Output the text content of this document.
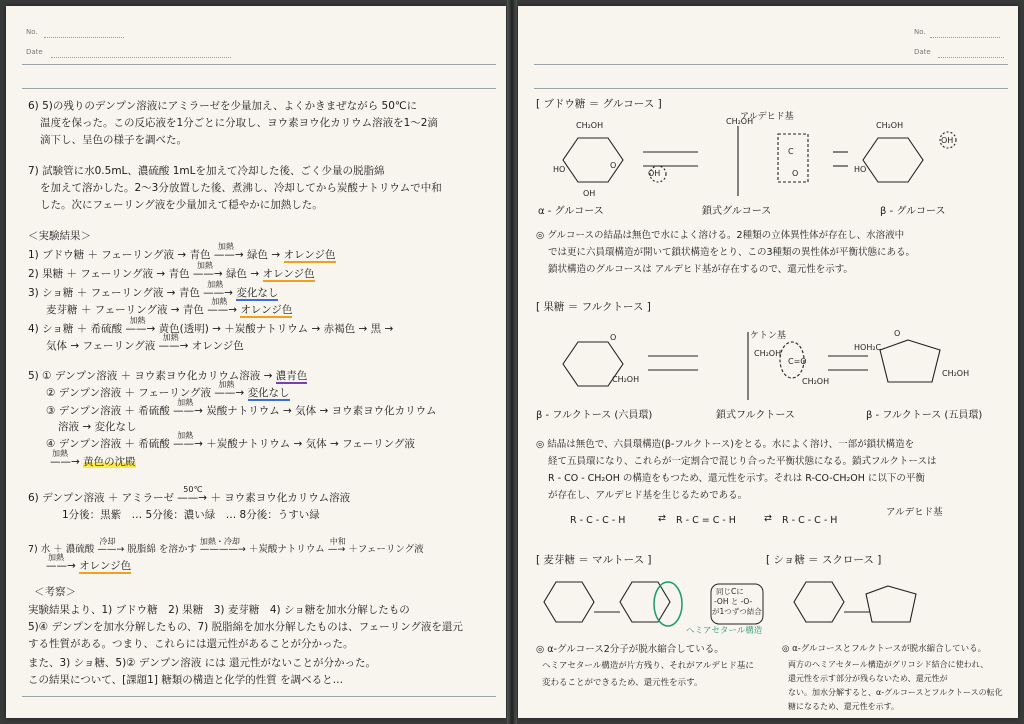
No.
Date
6) 5)の残りのデンプン溶液にアミラーゼを少量加え、よくかきまぜながら 50℃に
温度を保った。この反応液を1分ごとに分取し、ヨウ素ヨウ化カリウム溶液を1〜2滴
滴下し、呈色の様子を調べた。
7) 試験管に水0.5mL、濃硫酸 1mLを加えて冷却した後、ごく少量の脱脂綿
を加えて溶かした。2〜3分放置した後、煮沸し、冷却してから炭酸ナトリウムで中和
した。次にフェーリング液を少量加えて穏やかに加熱した。
＜実験結果＞
1) ブドウ糖 ＋ フェーリング液 → 青色
加熱
——→ 緑色 → オレンジ色
2) 果糖 ＋ フェーリング液 → 青色
加熱
——→ 緑色 → オレンジ色
3) ショ糖 ＋ フェーリング液 → 青色
加熱
——→ 変化なし
麦芽糖 ＋ フェーリング液 → 青色
加熱
——→ オレンジ色
4) ショ糖 ＋ 希硫酸
加熱
——→ 黄色(透明) → ＋炭酸ナトリウム → 赤褐色 → 黒 →
気体 → フェーリング液
加熱
——→ オレンジ色
5) ① デンプン溶液 ＋ ヨウ素ヨウ化カリウム溶液 → 濃青色
② デンプン溶液 ＋ フェーリング液
加熱
——→ 変化なし
③ デンプン溶液 ＋ 希硫酸
加熱
——→ 炭酸ナトリウム → 気体 → ヨウ素ヨウ化カリウム
溶液 → 変化なし
④ デンプン溶液 ＋ 希硫酸
加熱
——→ ＋炭酸ナトリウム → 気体 → フェーリング液
加熱
——→ 黄色の沈殿
6) デンプン溶液 ＋ アミラーゼ
50℃
——→ ＋ ヨウ素ヨウ化カリウム溶液
1分後：黒紫　… 5分後：濃い緑　… 8分後：うすい緑
7) 水 ＋ 濃硫酸
冷却
——→ 脱脂綿 を溶かす
加熱・冷却
————→ ＋炭酸ナトリウム
中和
—→ ＋フェーリング液
加熱
——→ オレンジ色
＜考察＞
実験結果より、1) ブドウ糖　2) 果糖　3) 麦芽糖　4) ショ糖を加水分解したもの
5)④ デンプンを加水分解したもの、7) 脱脂綿を加水分解したものは、フェーリング液を還元
する性質がある。つまり、これらには還元性があることが分かった。
また、3) ショ糖、5)② デンプン溶液 には 還元性がないことが分かった。
この結果について、[課題1] 糖類の構造と化学的性質 を調べると…
No.
Date
[ ブドウ糖 ＝ グルコース ]
CH₂OH
O
OH
HO
OH
CH₂OH
C
O
CH₂OH
OH
HO
アルデヒド基
α - グルコース	鎖式グルコース	β - グルコース
◎ グルコースの結晶は無色で水によく溶ける。2種類の立体異性体が存在し、水溶液中
では更に六員環構造が開いて鎖状構造をとり、この3種類の異性体が平衡状態にある。
鎖状構造のグルコースは アルデヒド基が存在するので、還元性を示す。
[ 果糖 ＝ フルクトース ]
ケトン基
O
CH₂OH
CH₂OH
C=O
CH₂OH
O
HOH₂C
CH₂OH
β - フルクトース (六員環)	鎖式フルクトース	β - フルクトース (五員環)
◎ 結晶は無色で、六員環構造(β-フルクトース)をとる。水によく溶け、一部が鎖状構造を
経て五員環になり、これらが一定割合で混じり合った平衡状態になる。鎖式フルクトースは
R - CO - CH₂OH の構造をもつため、還元性を示す。それは R-CO-CH₂OH に以下の平衡
が存在し、アルデヒド基を生じるためである。
R - C - C - H	⇄ R - C = C - H	⇄ R - C - C - H
アルデヒド基
[ 麦芽糖 ＝ マルトース ]	[ ショ糖 ＝ スクロース ]
同じCに
-OH と -O-
が1つずつ結合
ヘミアセタール構造
◎ α-グルコース2分子が脱水縮合している。
ヘミアセタール構造が片方残り、それがアルデヒド基に
変わることができるため、還元性を示す。
◎ α-グルコースとフルクトースが脱水縮合している。
両方のヘミアセタール構造がグリコシド結合に使われ、
還元性を示す部分が残らないため、還元性が
ない。加水分解すると、α-グルコースとフルクトースの転化
糖になるため、還元性を示す。
